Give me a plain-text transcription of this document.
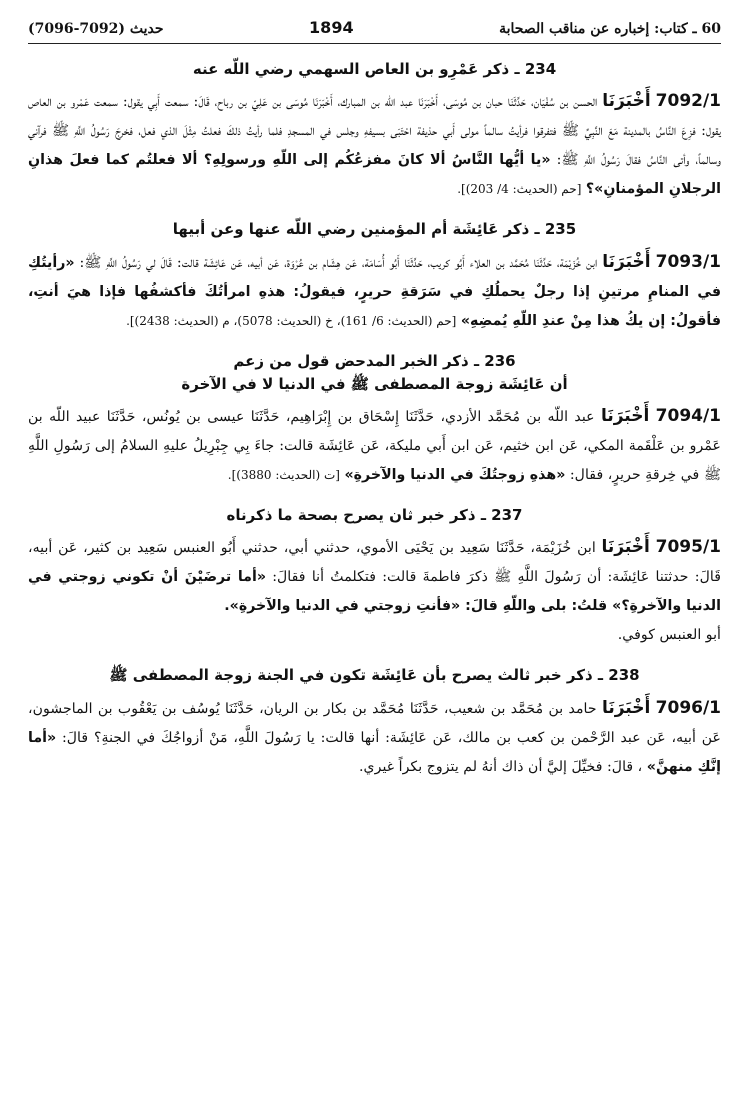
60 ـ كتاب: إخباره عن مناقب الصحابة
1894
حديث (7092-7096)
234 ـ ذكر عَمْرِو بن العاص السهمي رضي اللّه عنه

7092/1 أَخْبَرَنَا الحسن بن سُفْيَان، حَدَّثَنَا حبان بن مُوسَى، أَخْبَرَنَا عبد اللّه بن المبارك، أَخْبَرَنَا مُوسَى بن عَلِيّ بن رباح، قَالَ: سمعت أَبِي يقول: سمعت عَمْرو بن العاص يقول: فزِعَ النَّاسُ بالمدينة مَعَ النَّبِيِّ ﷺ فتفرقوا فرأيتُ سالماً مولى أَبي حذيفة احْتَبَى بسيفهِ وجلس في المسجدِ فلما رأيتُ ذلكَ فعلتُ مِثْلَ الذي فعل، فخرجَ رَسُولُ اللَّهِ ﷺ فرآني وسالماً، وأتى النَّاسُ فقالَ رَسُولُ اللَّهِ ﷺ: «يا أيُّها النَّاسُ ألا كانَ مفزعُكُم إلى اللّهِ ورسولِهِ؟ ألا فعلتُم كما فعلَ هذانِ الرجلانِ المؤمنانِ»؟ [حم (الحديث: 4/ 203)].

235 ـ ذكر عَائِشَة أم المؤمنين رضي اللّه عنها وعن أبيها

7093/1 أَخْبَرَنَا ابن خُزَيْمَة، حَدَّثَنَا مُحَمَّد بن العلاء أَبُو كريب، حَدَّثَنَا أَبُو أُسَامَة، عَن هِشَام بن عُرْوَة، عَن أبيه، عَن عَائِشَة قالت: قَالَ لي رَسُولُ اللَّهِ ﷺ: «رأيتُكِ في المنامِ مرتينِ إذا رجلٌ يحملُكِ في سَرَقةِ حريرٍ، فيقولُ: هذهِ امرأتُكَ فأكشفُها فإذا هيَ أنتِ، فأقولُ: إن يكُ هذا مِنْ عندِ اللّهِ يُمضِهِ» [حم (الحديث: 6/ 161)، خ (الحديث: 5078)، م (الحديث: 2438)].

236 ـ ذكر الخبر المدحض قول من زعم
أن عَائِشَة زوجة المصطفى ﷺ في الدنيا لا في الآخرة

7094/1 أَخْبَرَنَا عبد اللّه بن مُحَمَّد الأزدي، حَدَّثَنَا إِسْحَاق بن إِبْرَاهِيم، حَدَّثَنَا عيسى بن يُونُس، حَدَّثَنَا عبيد اللّه بن عَمْرو بن عَلْقَمة المكي، عَن ابن خثيم، عَن ابن أَبي مليكة، عَن عَائِشَة قالت: جاءَ بِي جِبْرِيلُ عليهِ السلامُ إلى رَسُولِ اللَّهِ ﷺ في خِرقةِ حريرٍ، فقال: «هذهِ زوجتُكَ في الدنيا والآخرةِ» [ت (الحديث: 3880)].

237 ـ ذكر خبر ثان يصرح بصحة ما ذكرناه

7095/1 أَخْبَرَنَا ابن خُزَيْمَة، حَدَّثَنَا سَعِيد بن يَحْيَى الأموي، حدثني أبي، حدثني أَبُو العنبس سَعِيد بن كثير، عَن أبيه، قَالَ: حدثتنا عَائِشَة: أن رَسُولَ اللَّهِ ﷺ ذكرَ فاطمةَ قالت: فتكلمتُ أنا فقالَ: «أما ترضَيْنَ أنْ تكوني زوجتي في الدنيا والآخرةِ؟» قلتُ: بلى واللّهِ قالَ: «فأنتِ زوجتي في الدنيا والآخرةِ».

أبو العنبس كوفي.

238 ـ ذكر خبر ثالث يصرح بأن عَائِشَة تكون في الجنة زوجة المصطفى ﷺ

7096/1 أَخْبَرَنَا حامد بن مُحَمَّد بن شعيب، حَدَّثَنَا مُحَمَّد بن بكار بن الريان، حَدَّثَنَا يُوسُف بن يَعْقُوب بن الماجشون، عَن أبيه، عَن عبد الرَّحْمن بن كعب بن مالك، عَن عَائِشَة: أنها قالت: يا رَسُولَ اللَّهِ، مَنْ أزواجُكَ في الجنةِ؟ قالَ: «أما إنَّكِ منهنَّ» ، قالَ: فخيِّلَ إليَّ أن ذاك أنهُ لم يتزوج بكراً غيري.
